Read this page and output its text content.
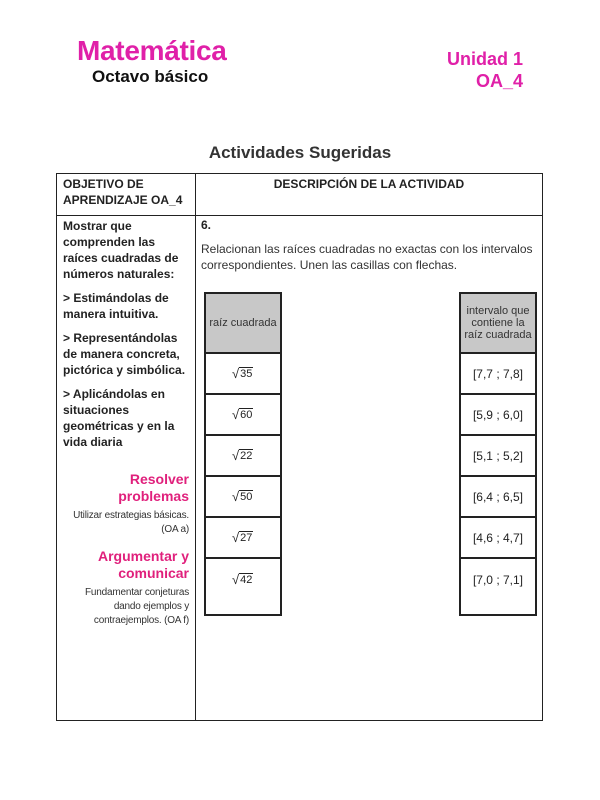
Matemática
Octavo básico
Unidad 1
OA_4
Actividades Sugeridas
OBJETIVO DE APRENDIZAJE OA_4
DESCRIPCIÓN DE LA ACTIVIDAD

Mostrar que comprenden las raíces cuadradas de números naturales:

> Estimándolas de manera intuitiva.

> Representándolas de manera concreta, pictórica y simbólica.

> Aplicándolas en situaciones geométricas y en la vida diaria

Resolver problemas

Utilizar estrategias básicas. (OA a)

Argumentar y comunicar

Fundamentar conjeturas dando ejemplos y contraejemplos. (OA f)

6.
Relacionan las raíces cuadradas no exactas con los intervalos correspondientes. Unen las casillas con flechas.
raíz cuadrada
√ 35
√ 60
√ 22
√ 50
√ 27
√ 42
intervalo que contiene la raíz cuadrada
[7,7 ; 7,8]
[5,9 ; 6,0]
[5,1 ; 5,2]
[6,4 ; 6,5]
[4,6 ; 4,7]
[7,0 ; 7,1]
